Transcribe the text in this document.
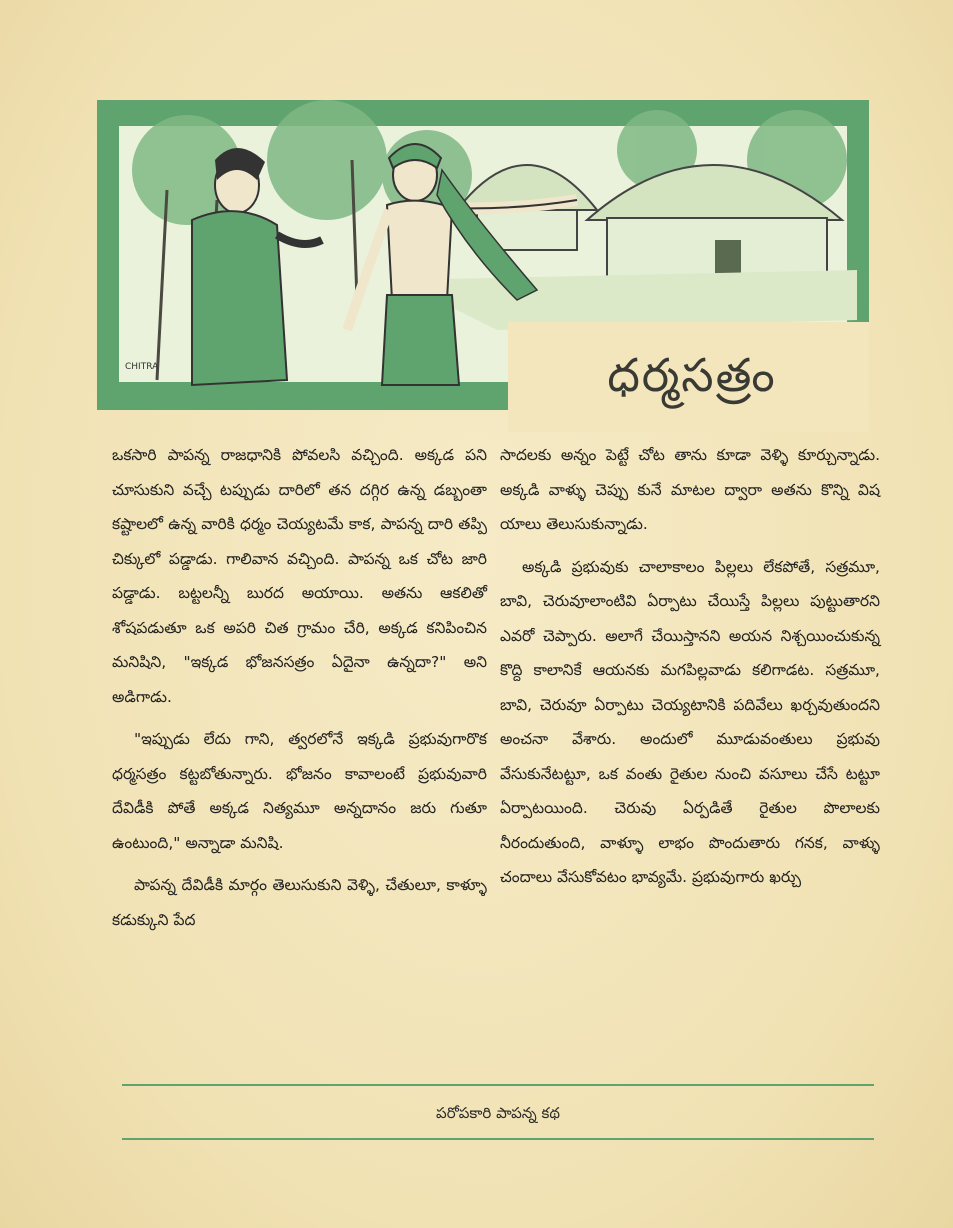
CHITRA	ధర్మసత్రం

ఒకసారి పాపన్న రాజధానికి పోవలసి వచ్చింది. అక్కడ పని చూసుకుని వచ్చే టప్పుడు దారిలో తన దగ్గిర ఉన్న డబ్బంతా కష్టాలలో ఉన్న వారికి ధర్మం చెయ్యటమే కాక, పాపన్న దారి తప్పి చిక్కులో పడ్డాడు. గాలివాన వచ్చింది. పాపన్న ఒక చోట జారి పడ్డాడు. బట్టలన్నీ బురద అయాయి. అతను ఆకలితో శోషపడుతూ ఒక అపరి చిత గ్రామం చేరి, అక్కడ కనిపించిన మనిషిని, "ఇక్కడ భోజనసత్రం ఏదైనా ఉన్నదా?" అని అడిగాడు.

"ఇప్పుడు లేదు గాని, త్వరలోనే ఇక్కడి ప్రభువుగారొక ధర్మసత్రం కట్టబోతున్నారు. భోజనం కావాలంటే ప్రభువువారి దేవిడీకి పోతే అక్కడ నిత్యమూ అన్నదానం జరు గుతూ ఉంటుంది," అన్నాడా మనిషి.

పాపన్న దేవిడీకి మార్గం తెలుసుకుని వెళ్ళి, చేతులూ, కాళ్ళూ కడుక్కుని పేద

సాదలకు అన్నం పెట్టే చోట తాను కూడా వెళ్ళి కూర్చున్నాడు. అక్కడి వాళ్ళు చెప్పు కునే మాటల ద్వారా అతను కొన్ని విష యాలు తెలుసుకున్నాడు.

అక్కడి ప్రభువుకు చాలాకాలం పిల్లలు లేకపోతే, సత్రమూ, బావి, చెరువూలాంటివి ఏర్పాటు చేయిస్తే పిల్లలు పుట్టుతారని ఎవరో చెప్పారు. అలాగే చేయిస్తానని అయన నిశ్చయించుకున్న కొద్ది కాలానికే ఆయనకు మగపిల్లవాడు కలిగాడట. సత్రమూ, బావి, చెరువూ ఏర్పాటు చెయ్యటానికి పదివేలు ఖర్చవుతుందని అంచనా వేశారు. అందులో మూడువంతులు ప్రభువు వేసుకునేటట్టూ, ఒక వంతు రైతుల నుంచి వసూలు చేసే టట్టూ ఏర్పాటయింది. చెరువు ఏర్పడితే రైతుల పొలాలకు నీరందుతుంది, వాళ్ళూ లాభం పొందుతారు గనక, వాళ్ళు చందాలు వేసుకోవటం భావ్యమే. ప్రభువుగారు ఖర్చు

పరోపకారి పాపన్న కథ
